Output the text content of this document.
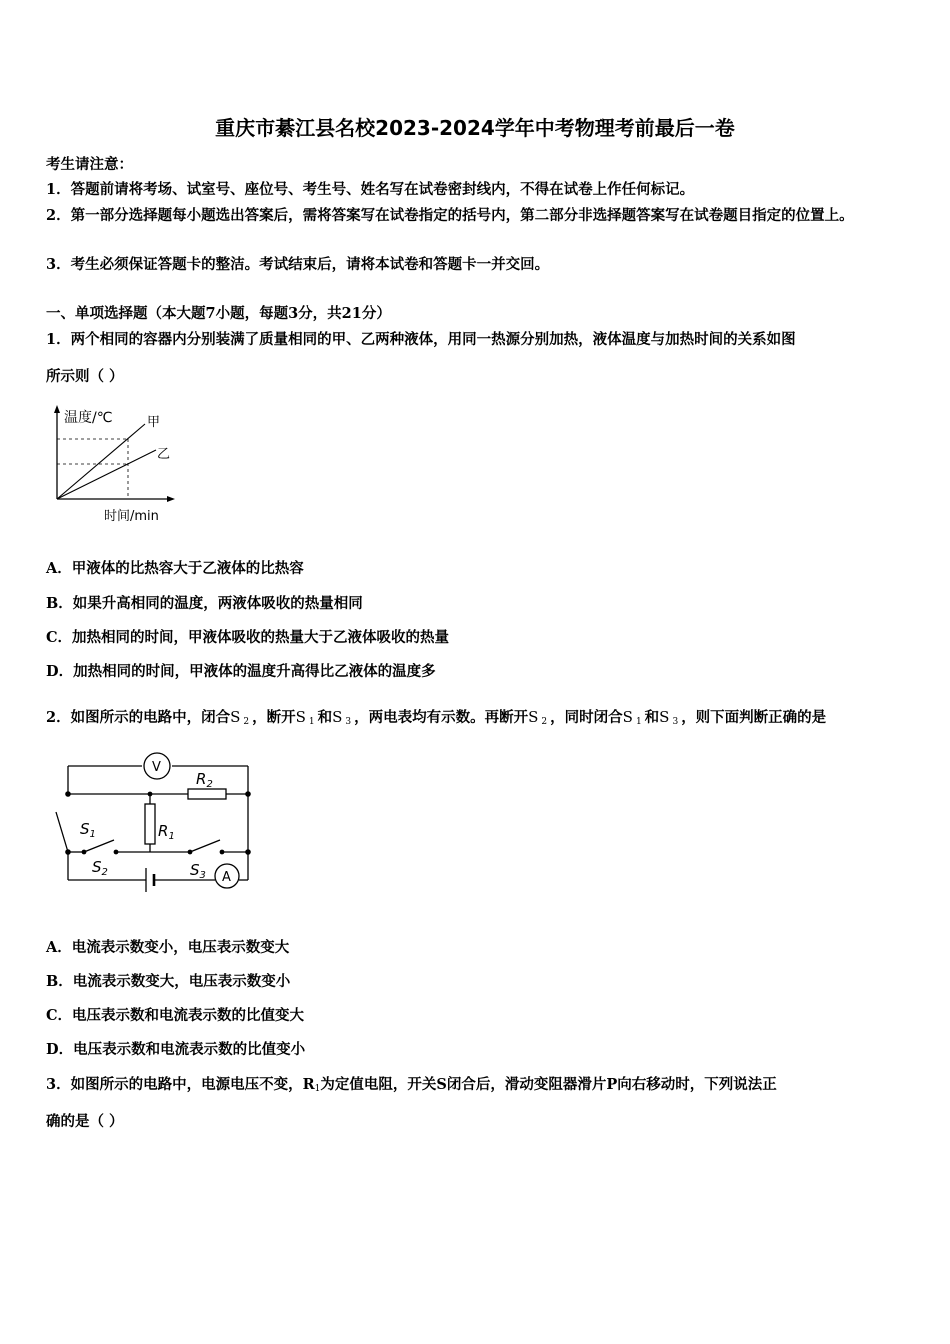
重庆市綦江县名校2023-2024学年中考物理考前最后一卷
考生请注意：
1．答题前请将考场、试室号、座位号、考生号、姓名写在试卷密封线内，不得在试卷上作任何标记。
2．第一部分选择题每小题选出答案后，需将答案写在试卷指定的括号内，第二部分非选择题答案写在试卷题目指定的位置上。
3．考生必须保证答题卡的整洁。考试结束后，请将本试卷和答题卡一并交回。
一、单项选择题（本大题7小题，每题3分，共21分）
1．两个相同的容器内分别装满了质量相同的甲、乙两种液体，用同一热源分别加热，液体温度与加热时间的关系如图
所示则（ ）
温度/℃
时间/min
甲
乙
A．甲液体的比热容大于乙液体的比热容
B．如果升高相同的温度，两液体吸收的热量相同
C．加热相同的时间，甲液体吸收的热量大于乙液体吸收的热量
D．加热相同的时间，甲液体的温度升高得比乙液体的温度多
2．如图所示的电路中，闭合S $_2$ ，断开S $_1$ 和S $_3$ ，两电表均有示数。再断开S $_2$ ，同时闭合S $_1$ 和S $_3$ ，则下面判断正确的是
V
A
$R_2$
$R_1$
$S_1$
$S_2$	$S_3$
A．电流表示数变小，电压表示数变大
B．电流表示数变大，电压表示数变小
C．电压表示数和电流表示数的比值变大
D．电压表示数和电流表示数的比值变小
3．如图所示的电路中，电源电压不变，$R_1$为定值电阻，开关S闭合后，滑动变阻器滑片P向右移动时，下列说法正
确的是（ ）
